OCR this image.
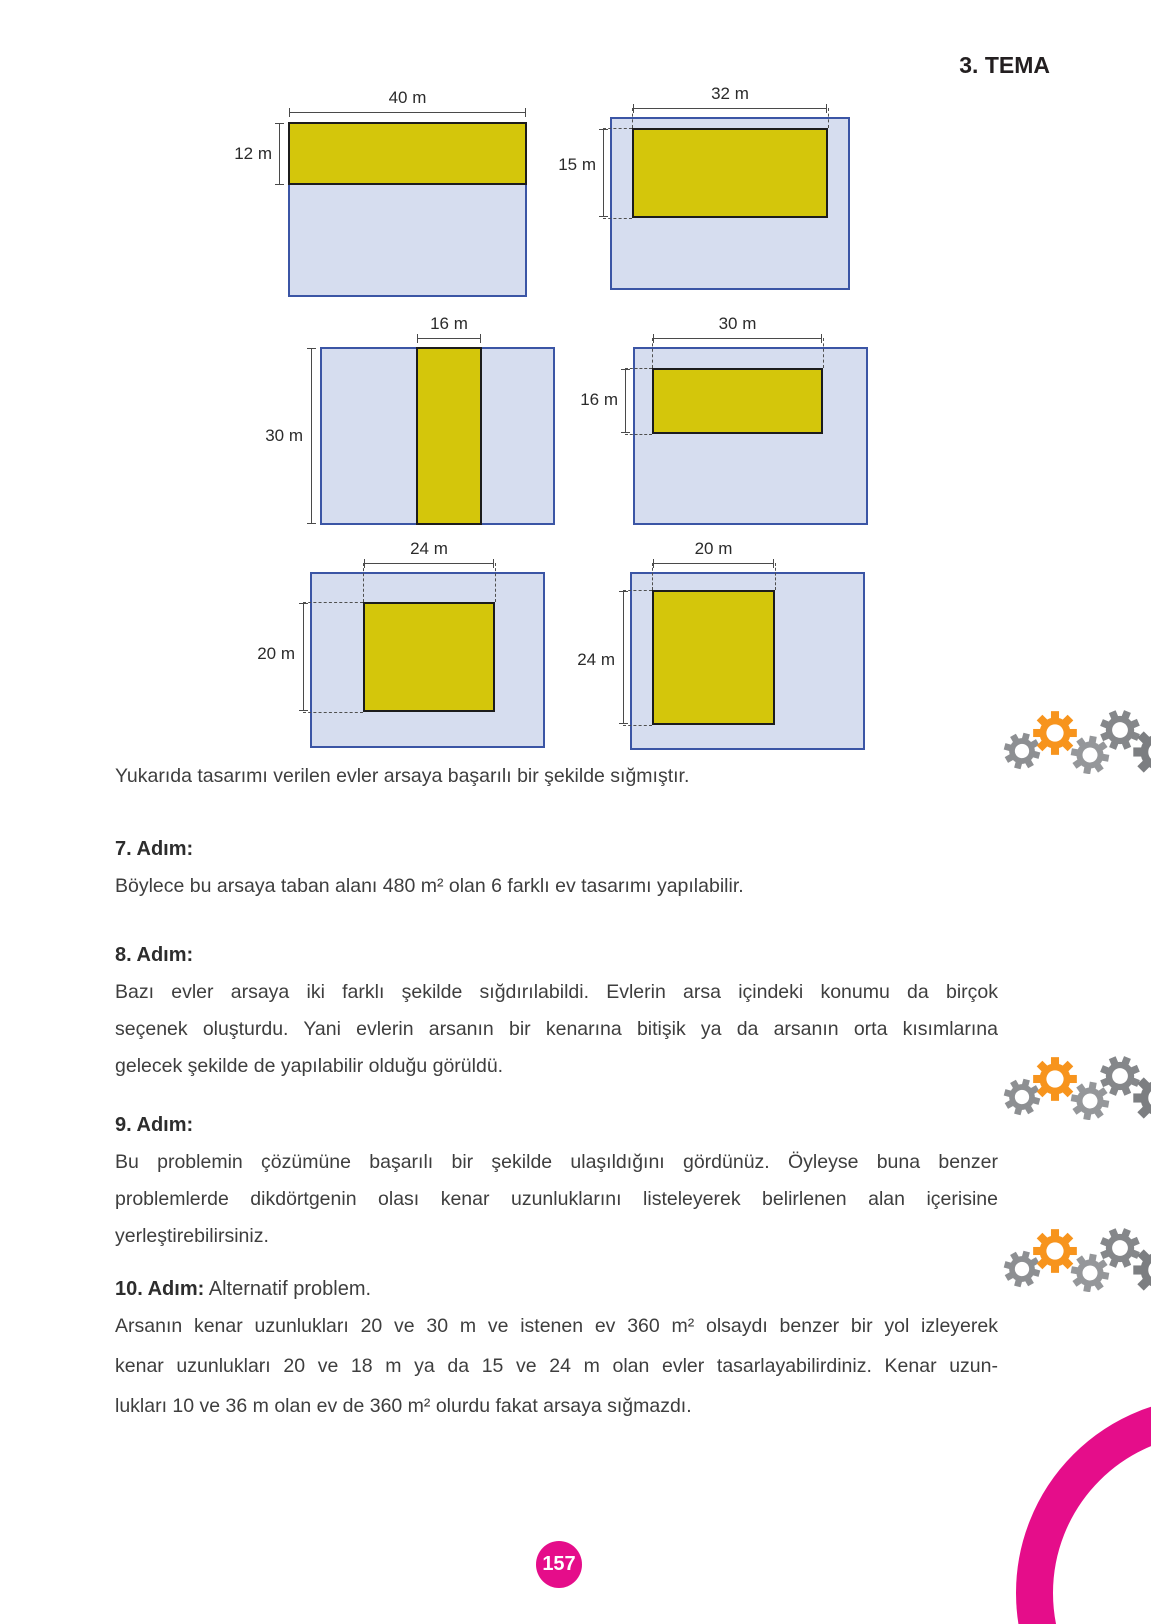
3. TEMA
40 m
12 m
32 m
15 m
16 m
30 m
30 m
16 m
24 m
20 m
20 m
24 m
Yukarıda tasarımı verilen evler arsaya başarılı bir şekilde sığmıştır.
7. Adım:
Böylece bu arsaya taban alanı 480 m² olan 6 farklı ev tasarımı yapılabilir.
8. Adım:
Bazı evler arsaya iki farklı şekilde sığdırılabildi. Evlerin arsa içindeki konumu da birçok
seçenek oluşturdu. Yani evlerin arsanın bir kenarına bitişik ya da arsanın orta kısımlarına
gelecek şekilde de yapılabilir olduğu görüldü.
9. Adım:
Bu problemin çözümüne başarılı bir şekilde ulaşıldığını gördünüz. Öyleyse buna benzer
problemlerde dikdörtgenin olası kenar uzunluklarını listeleyerek belirlenen alan içerisine
yerleştirebilirsiniz.
10. Adım: Alternatif problem.
Arsanın kenar uzunlukları 20 ve 30 m ve istenen ev 360 m² olsaydı benzer bir yol izleyerek
kenar uzunlukları 20 ve 18 m ya da 15 ve 24 m olan evler tasarlayabilirdiniz. Kenar uzun-
lukları 10 ve 36 m olan ev de 360 m² olurdu fakat arsaya sığmazdı.
157
